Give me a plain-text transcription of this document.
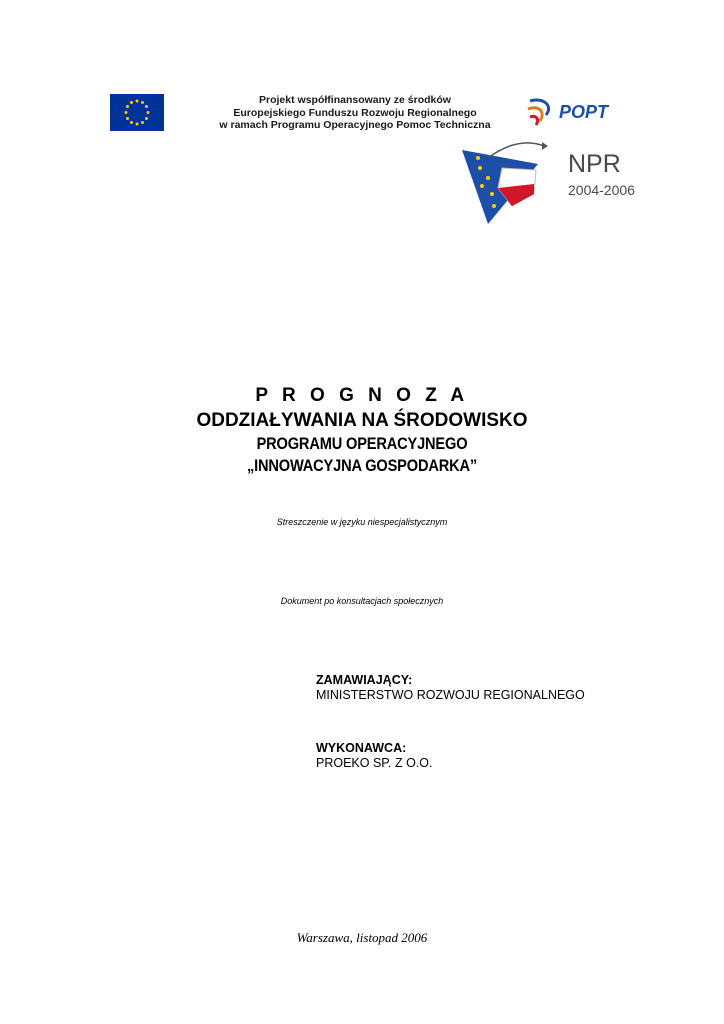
Projekt współfinansowany ze środków
Europejskiego Funduszu Rozwoju Regionalnego
w ramach Programu Operacyjnego Pomoc Techniczna
POPT
NPR
2004-2006
P R O G N O Z A
ODDZIAŁYWANIA NA ŚRODOWISKO
PROGRAMU OPERACYJNEGO
„INNOWACYJNA GOSPODARKA”
Streszczenie w języku niespecjalistycznym
Dokument po konsultacjach społecznych
ZAMAWIAJĄCY:
MINISTERSTWO ROZWOJU REGIONALNEGO
WYKONAWCA:
PROEKO SP. Z O.O.
Warszawa, listopad 2006
